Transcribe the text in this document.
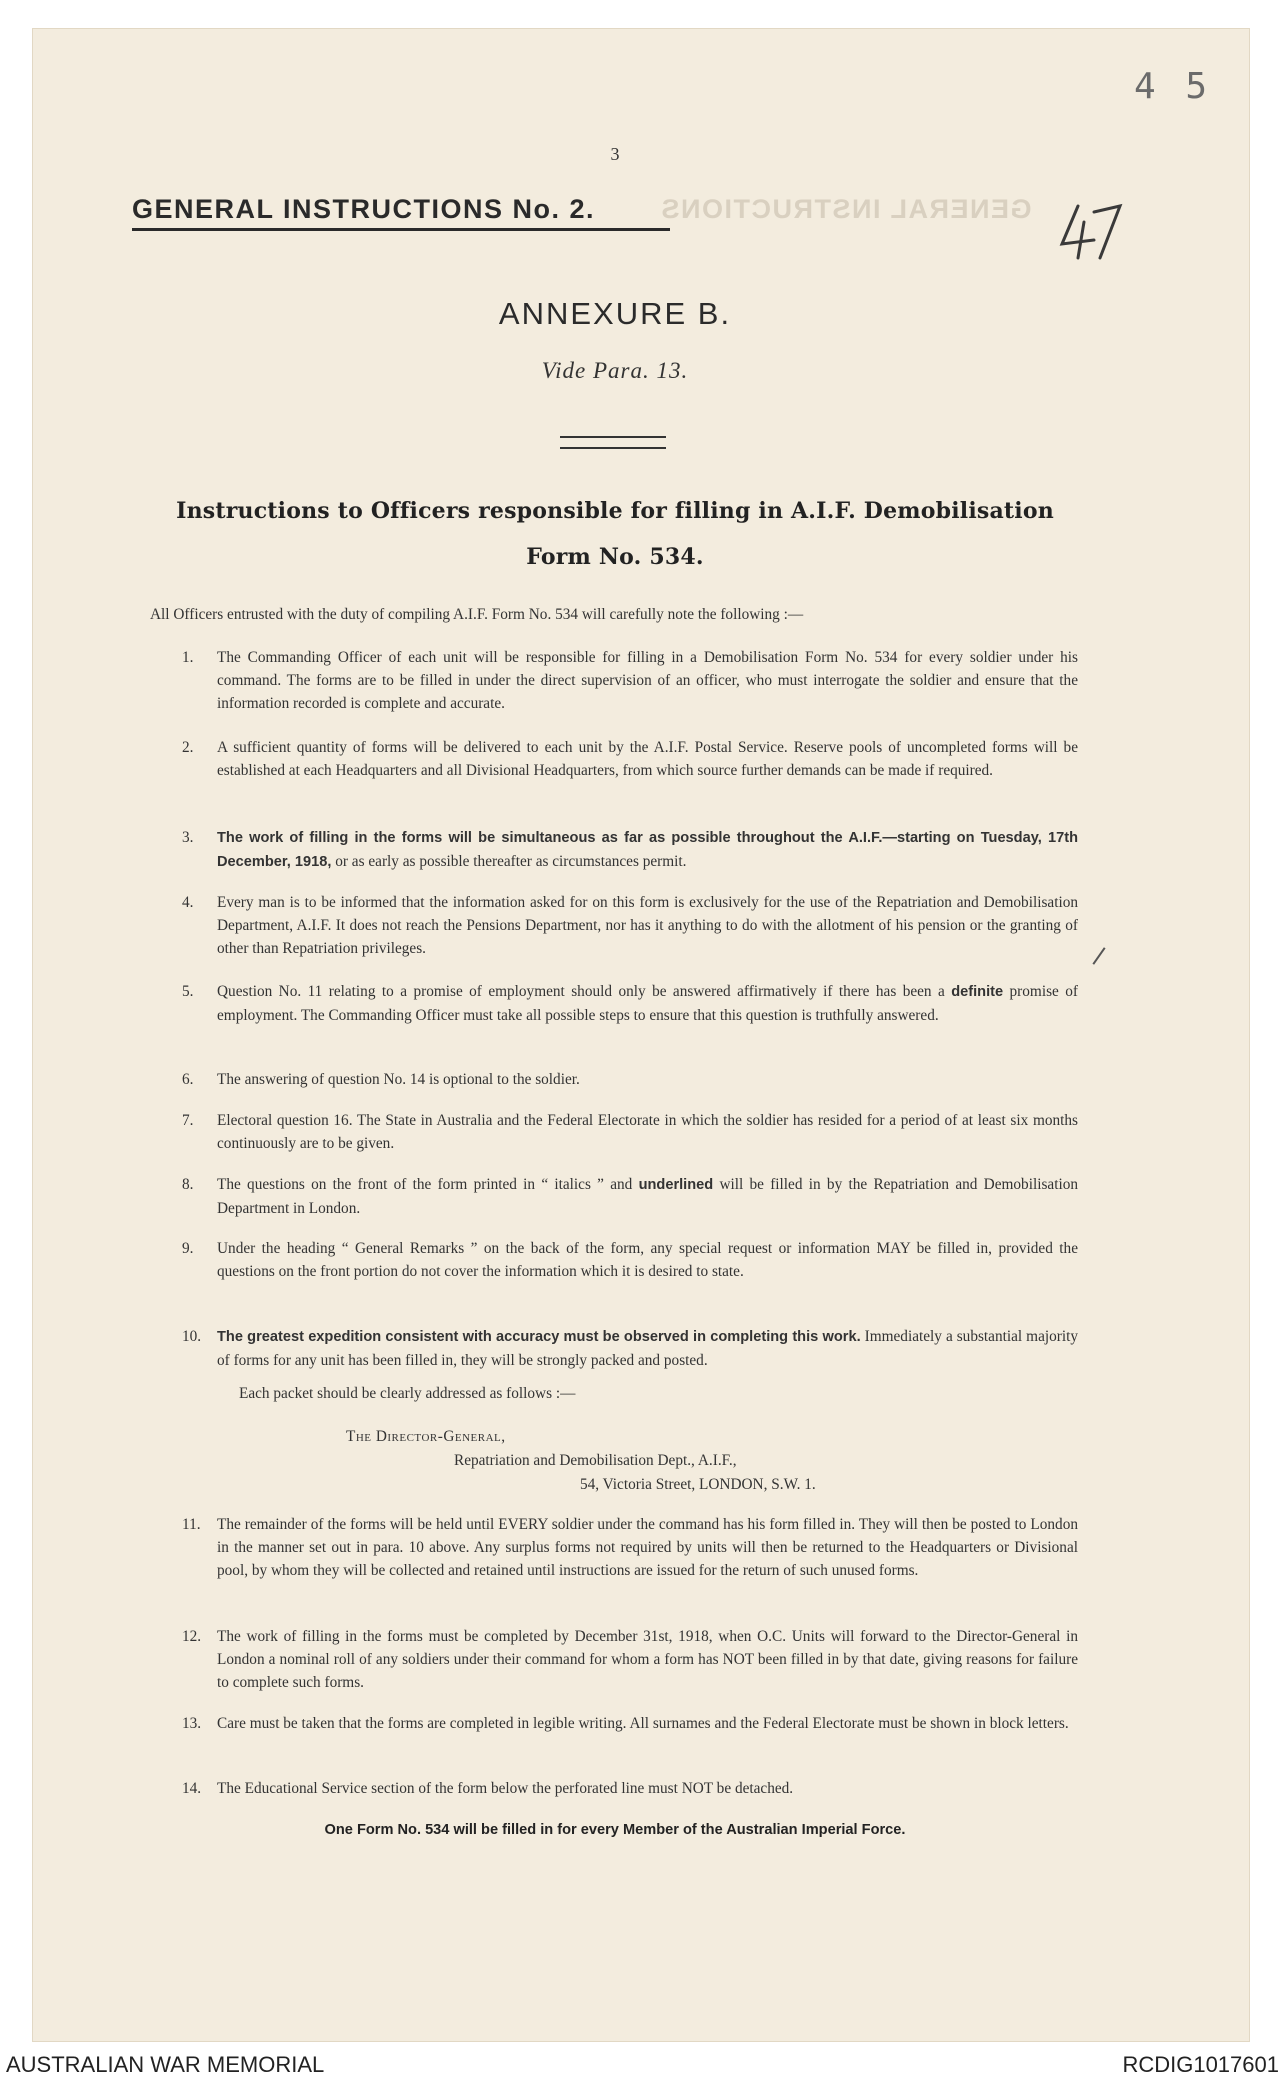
4 5
3
GENERAL INSTRUCTIONS
GENERAL INSTRUCTIONS No. 2.
ANNEXURE B.
Vide Para. 13.
Instructions to Officers responsible for filling in A.I.F. Demobilisation
Form No. 534.
All Officers entrusted with the duty of compiling A.I.F. Form No. 534 will carefully note the following :—
1.	The Commanding Officer of each unit will be responsible for filling in a Demobilisation Form No. 534 for every soldier under his command. The forms are to be filled in under the direct supervision of an officer, who must interrogate the soldier and ensure that the information recorded is complete and accurate.
2.	A sufficient quantity of forms will be delivered to each unit by the A.I.F. Postal Service. Reserve pools of uncompleted forms will be established at each Headquarters and all Divisional Headquarters, from which source further demands can be made if required.
3.	The work of filling in the forms will be simultaneous as far as possible throughout the A.I.F.—starting on Tuesday, 17th December, 1918, or as early as possible thereafter as circumstances permit.
4.	Every man is to be informed that the information asked for on this form is exclusively for the use of the Repatriation and Demobilisation Department, A.I.F. It does not reach the Pensions Department, nor has it anything to do with the allotment of his pension or the granting of other than Repatriation privileges.
5.	Question No. 11 relating to a promise of employment should only be answered affirmatively if there has been a definite promise of employment. The Commanding Officer must take all possible steps to ensure that this question is truthfully answered.
6.	The answering of question No. 14 is optional to the soldier.
7.	Electoral question 16. The State in Australia and the Federal Electorate in which the soldier has resided for a period of at least six months continuously are to be given.
8.	The questions on the front of the form printed in “ italics ” and underlined will be filled in by the Repatriation and Demobilisation Department in London.
9.	Under the heading “ General Remarks ” on the back of the form, any special request or information MAY be filled in, provided the questions on the front portion do not cover the information which it is desired to state.
10.	The greatest expedition consistent with accuracy must be observed in completing this work. Immediately a substantial majority of forms for any unit has been filled in, they will be strongly packed and posted.
Each packet should be clearly addressed as follows :—
The Director-General,
Repatriation and Demobilisation Dept., A.I.F.,
54, Victoria Street, LONDON, S.W. 1.
11.	The remainder of the forms will be held until EVERY soldier under the command has his form filled in. They will then be posted to London in the manner set out in para. 10 above. Any surplus forms not required by units will then be returned to the Headquarters or Divisional pool, by whom they will be collected and retained until instructions are issued for the return of such unused forms.
12.	The work of filling in the forms must be completed by December 31st, 1918, when O.C. Units will forward to the Director-General in London a nominal roll of any soldiers under their command for whom a form has NOT been filled in by that date, giving reasons for failure to complete such forms.
13.	Care must be taken that the forms are completed in legible writing. All surnames and the Federal Electorate must be shown in block letters.
14.	The Educational Service section of the form below the perforated line must NOT be detached.
One Form No. 534 will be filled in for every Member of the Australian Imperial Force.
AUSTRALIAN WAR MEMORIAL	RCDIG1017601
